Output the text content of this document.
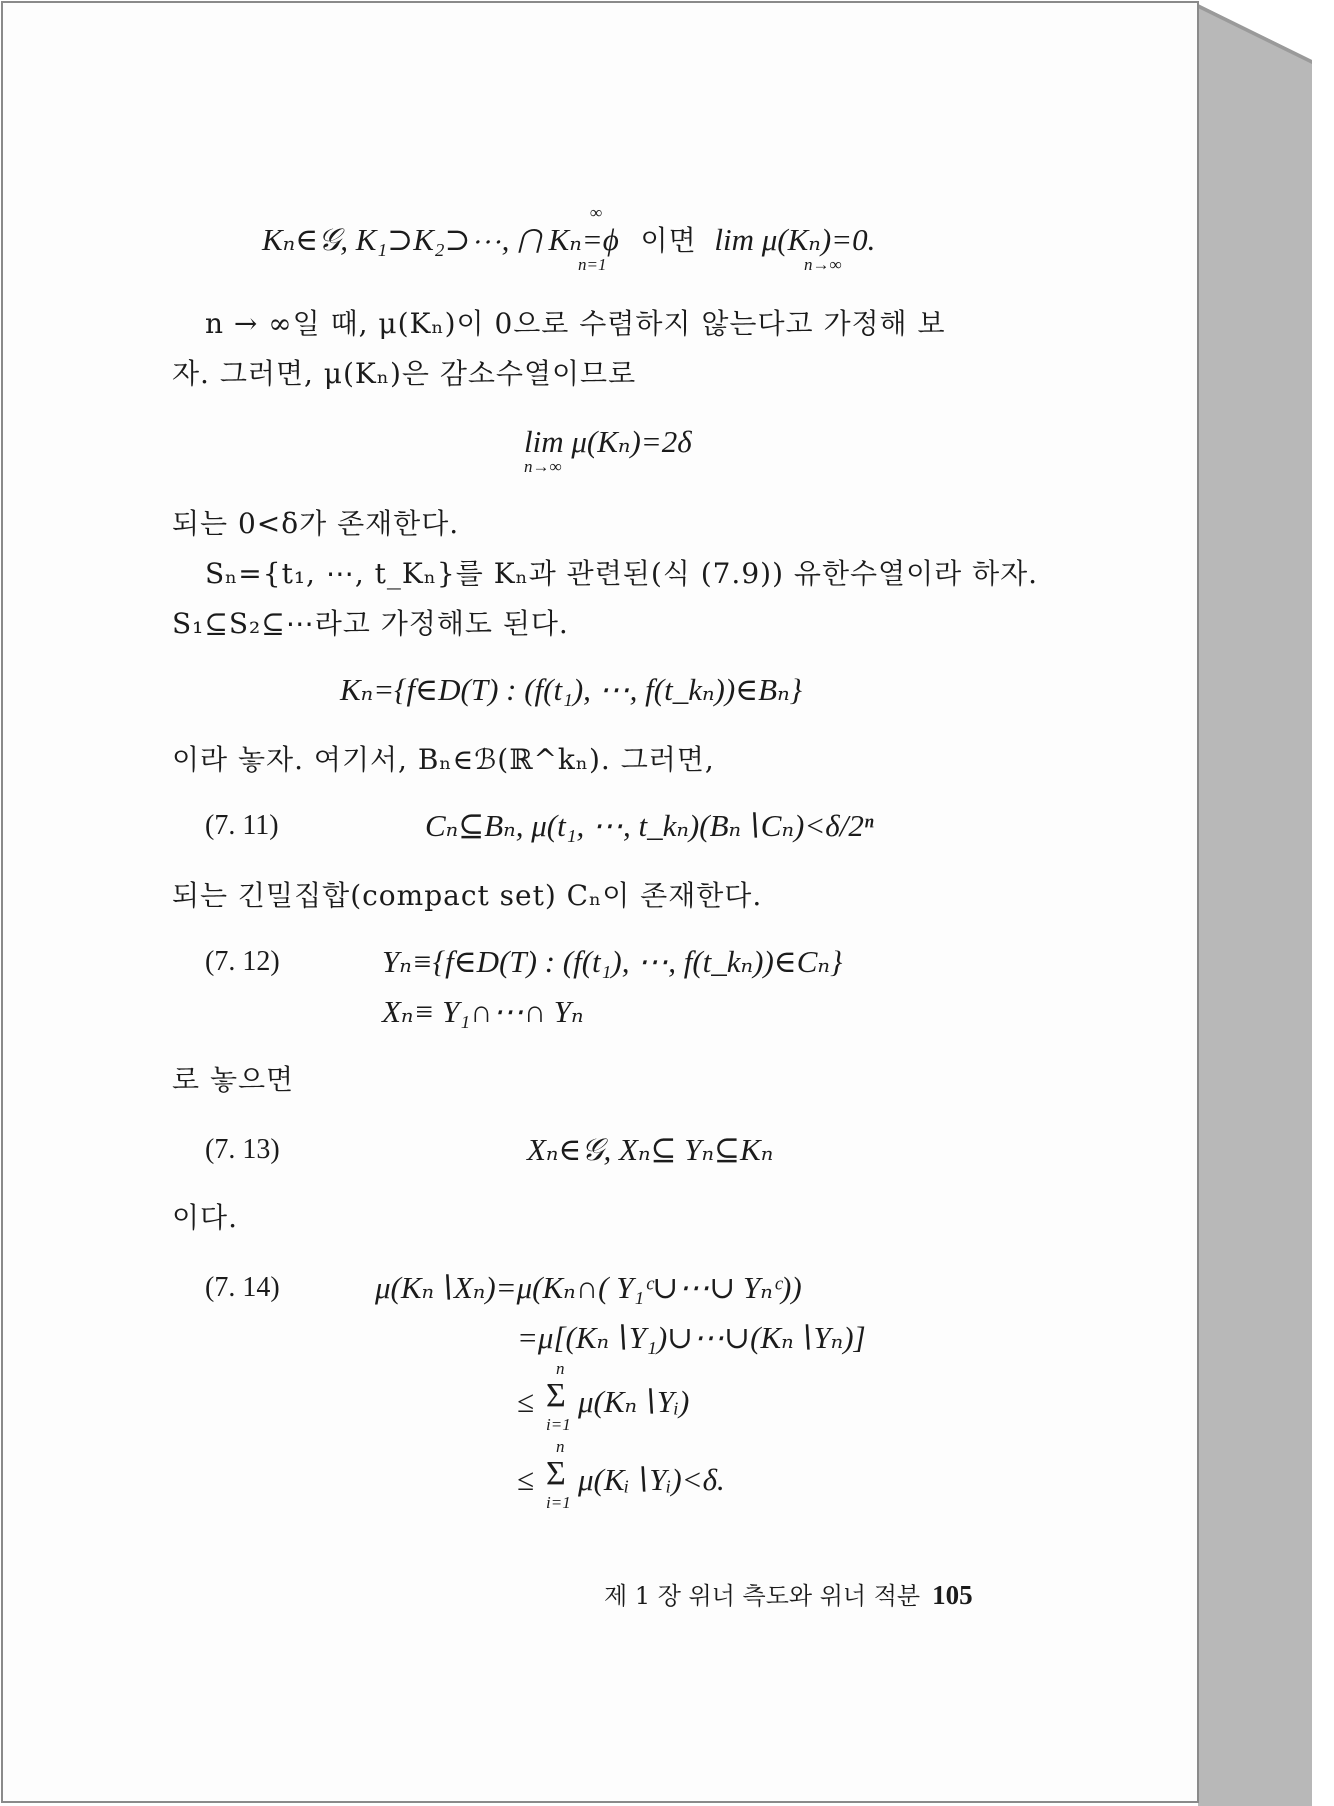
Kₙ∈𝒢, K₁⊃K₂⊃⋯, ⋂ Kₙ=ϕ 이면 lim μ(Kₙ)=0.
∞
n=1	n→∞
n → ∞일 때, μ(Kₙ)이 0으로 수렴하지 않는다고 가정해 보
자. 그러면, μ(Kₙ)은 감소수열이므로
lim μ(Kₙ)=2δ
n→∞
되는 0<δ가 존재한다.
Sₙ={t₁, ⋯, t_Kₙ}를 Kₙ과 관련된(식 (7.9)) 유한수열이라 하자.
S₁⊆S₂⊆⋯라고 가정해도 된다.
Kₙ={f∈D(T) : (f(t₁), ⋯, f(t_kₙ))∈Bₙ}
이라 놓자. 여기서, Bₙ∈ℬ(ℝ^kₙ). 그러면,
(7. 11)	Cₙ⊆Bₙ, μ(t₁, ⋯, t_kₙ)(Bₙ∖Cₙ)<δ/2ⁿ
되는 긴밀집합(compact set) Cₙ이 존재한다.
(7. 12)	Yₙ≡{f∈D(T) : (f(t₁), ⋯, f(t_kₙ))∈Cₙ}
Xₙ≡ Y₁∩⋯∩ Yₙ
로 놓으면
(7. 13)	Xₙ∈𝒢, Xₙ⊆ Yₙ⊆Kₙ
이다.
(7. 14)	μ(Kₙ∖Xₙ)=μ(Kₙ∩( Y₁ᶜ∪⋯∪ Yₙᶜ))
=μ[(Kₙ∖Y₁)∪⋯∪(Kₙ∖Yₙ)]
≤
n
Σ
i=1
μ(Kₙ∖Yᵢ)
≤
n
Σ
i=1
μ(Kᵢ∖Yᵢ)<δ.
제 1 장 위너 측도와 위너 적분 105
